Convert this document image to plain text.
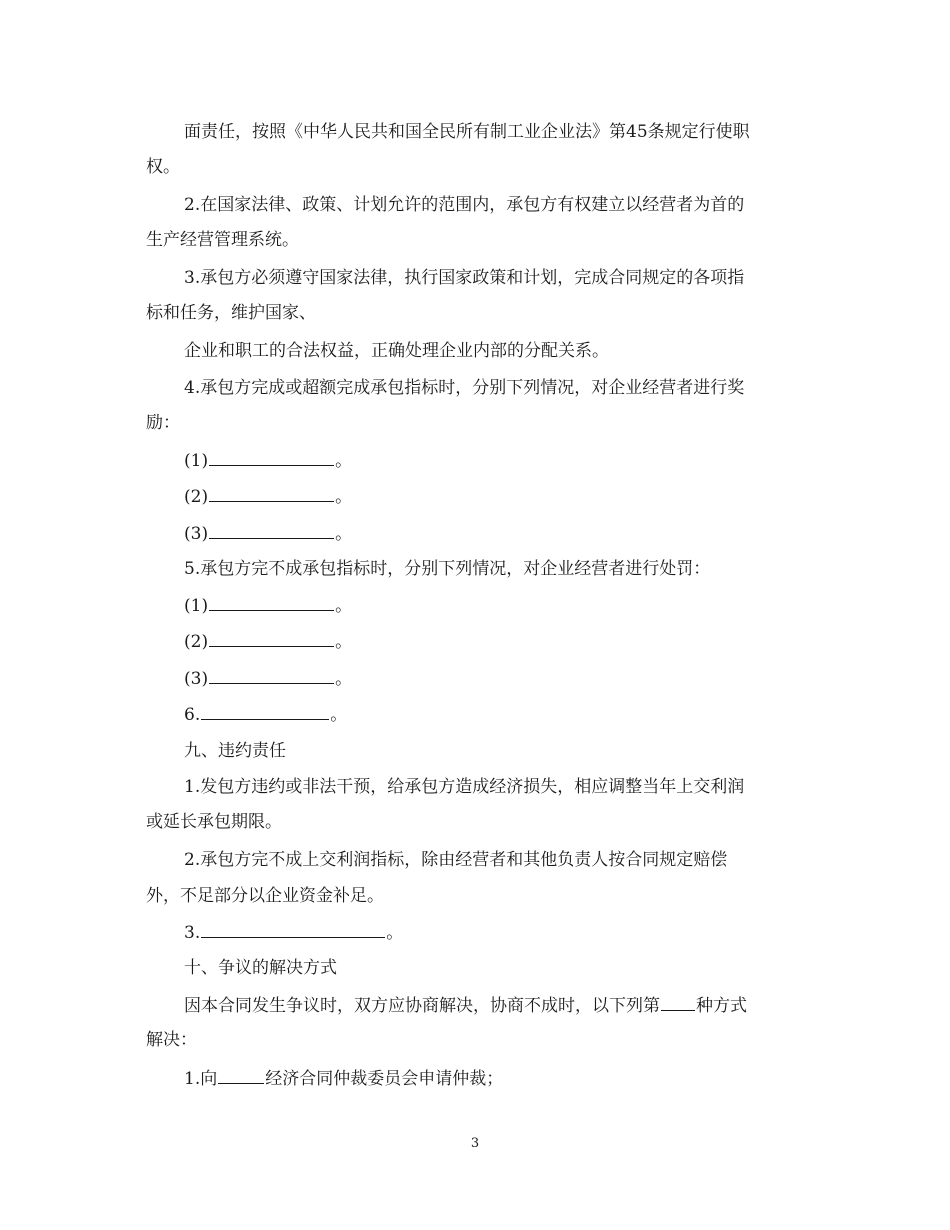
面责任，按照《中华人民共和国全民所有制工业企业法》第45条规定行使职
权。
2.在国家法律、政策、计划允许的范围内，承包方有权建立以经营者为首的
生产经营管理系统。
3.承包方必须遵守国家法律，执行国家政策和计划，完成合同规定的各项指
标和任务，维护国家、
企业和职工的合法权益，正确处理企业内部的分配关系。
4.承包方完成或超额完成承包指标时，分别下列情况，对企业经营者进行奖
励：
(1)	。
(2)	。
(3)	。
5.承包方完不成承包指标时，分别下列情况，对企业经营者进行处罚：
(1)	。
(2)	。
(3)	。
6.	。
九、违约责任
1.发包方违约或非法干预，给承包方造成经济损失，相应调整当年上交利润
或延长承包期限。
2.承包方完不成上交利润指标，除由经营者和其他负责人按合同规定赔偿
外，不足部分以企业资金补足。
3.	。
十、争议的解决方式
因本合同发生争议时，双方应协商解决，协商不成时，以下列第 种方式
解决：
1.向	经济合同仲裁委员会申请仲裁；
3
